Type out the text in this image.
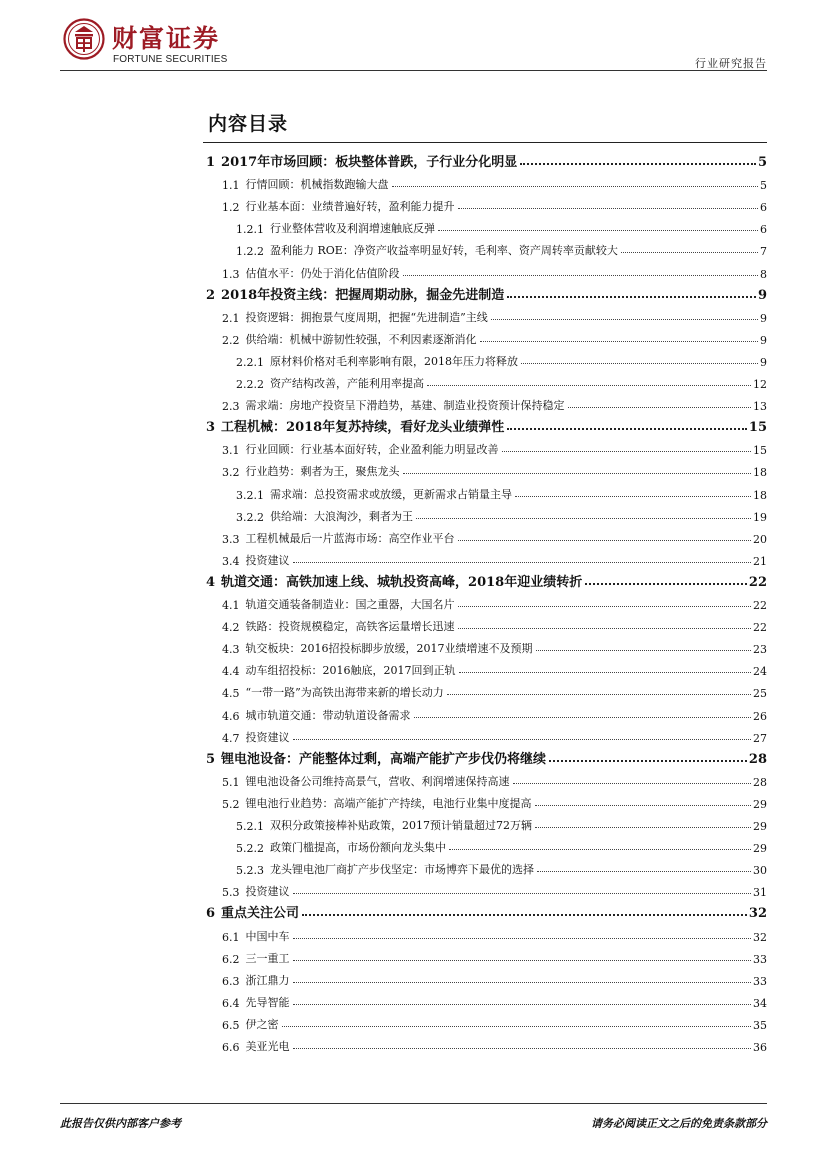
财富证券
FORTUNE SECURITIES	行业研究报告
内容目录
1 2017年市场回顾：板块整体普跌，子行业分化明显	5
1.1 行情回顾：机械指数跑输大盘	5
1.2 行业基本面：业绩普遍好转，盈利能力提升	6
1.2.1 行业整体营收及利润增速触底反弹	6
1.2.2 盈利能力 ROE：净资产收益率明显好转，毛利率、资产周转率贡献较大	7
1.3 估值水平：仍处于消化估值阶段	8
2 2018年投资主线：把握周期动脉，掘金先进制造	9
2.1 投资逻辑：拥抱景气度周期，把握“先进制造”主线	9
2.2 供给端：机械中游韧性较强，不利因素逐渐消化	9
2.2.1 原材料价格对毛利率影响有限，2018年压力将释放	9
2.2.2 资产结构改善，产能利用率提高	12
2.3 需求端：房地产投资呈下滑趋势，基建、制造业投资预计保持稳定	13
3 工程机械：2018年复苏持续，看好龙头业绩弹性	15
3.1 行业回顾：行业基本面好转，企业盈利能力明显改善	15
3.2 行业趋势：剩者为王，聚焦龙头	18
3.2.1 需求端：总投资需求或放缓，更新需求占销量主导	18
3.2.2 供给端：大浪淘沙，剩者为王	19
3.3 工程机械最后一片蓝海市场：高空作业平台	20
3.4 投资建议	21
4 轨道交通：高铁加速上线、城轨投资高峰，2018年迎业绩转折	22
4.1 轨道交通装备制造业：国之重器，大国名片	22
4.2 铁路：投资规模稳定，高铁客运量增长迅速	22
4.3 轨交板块：2016招投标脚步放缓，2017业绩增速不及预期	23
4.4 动车组招投标：2016触底，2017回到正轨	24
4.5 “一带一路”为高铁出海带来新的增长动力	25
4.6 城市轨道交通：带动轨道设备需求	26
4.7 投资建议	27
5 锂电池设备：产能整体过剩，高端产能扩产步伐仍将继续	28
5.1 锂电池设备公司维持高景气，营收、利润增速保持高速	28
5.2 锂电池行业趋势：高端产能扩产持续，电池行业集中度提高	29
5.2.1 双积分政策接棒补贴政策，2017预计销量超过72万辆	29
5.2.2 政策门槛提高，市场份额向龙头集中	29
5.2.3 龙头锂电池厂商扩产步伐坚定：市场博弈下最优的选择	30
5.3 投资建议	31
6 重点关注公司	32
6.1 中国中车	32
6.2 三一重工	33
6.3 浙江鼎力	33
6.4 先导智能	34
6.5 伊之密	35
6.6 美亚光电	36
此报告仅供内部客户参考	请务必阅读正文之后的免责条款部分
